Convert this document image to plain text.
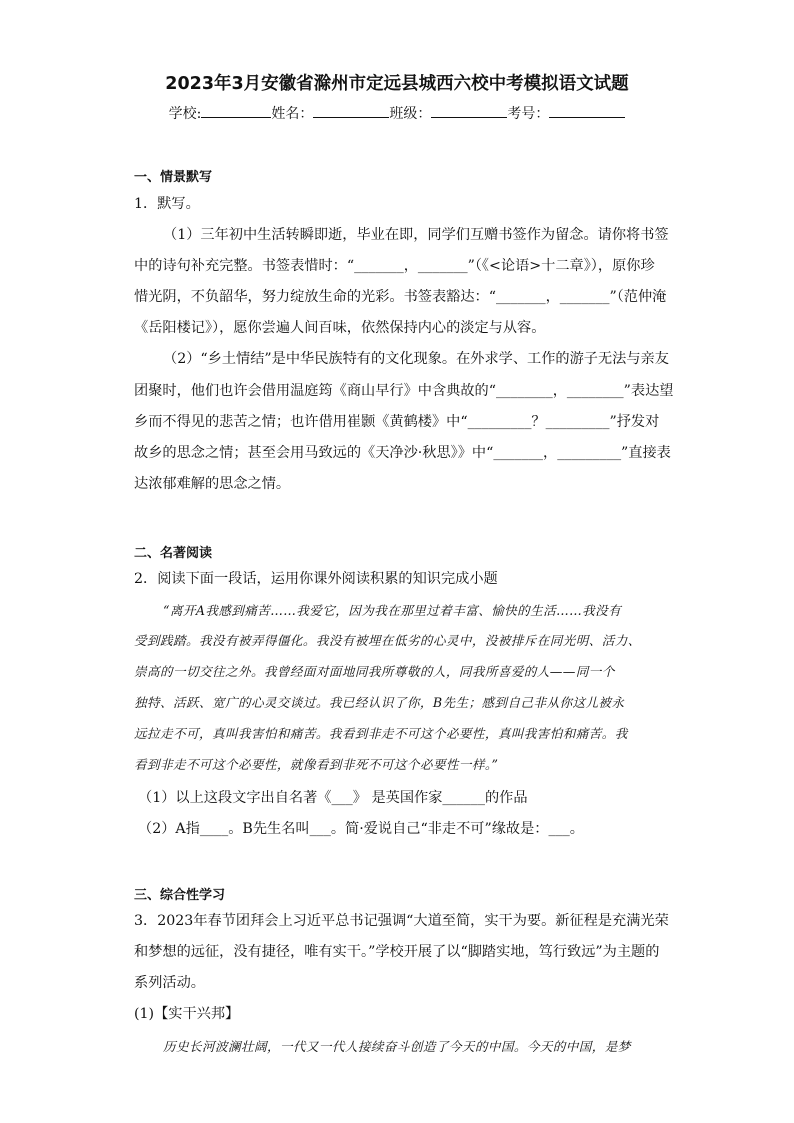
2023年3月安徽省滁州市定远县城西六校中考模拟语文试题
学校:	姓名：	班级：	考号：
一、情景默写
1．默写。
（1）三年初中生活转瞬即逝，毕业在即，同学们互赠书签作为留念。请你将书签
中的诗句补充完整。书签表惜时：“_______，_______”（《<论语>十二章》），原你珍
惜光阴，不负韶华，努力绽放生命的光彩。书签表豁达：“_______，_______”（范仲淹
《岳阳楼记》），愿你尝遍人间百味，依然保持内心的淡定与从容。
（2）“乡土情结”是中华民族特有的文化现象。在外求学、工作的游子无法与亲友
团聚时，他们也许会借用温庭筠《商山早行》中含典故的“________，________”表达望
乡而不得见的悲苦之情；也许借用崔颢《黄鹤楼》中“_________？_________”抒发对
故乡的思念之情；甚至会用马致远的《天净沙·秋思》》中“_______，_________”直接表
达浓郁难解的思念之情。
二、名著阅读
2．阅读下面一段话，运用你课外阅读积累的知识完成小题
“离开A我感到痛苦……我爱它，因为我在那里过着丰富、愉快的生活……我没有
受到践踏。我没有被弄得僵化。我没有被埋在低劣的心灵中，没被排斥在同光明、活力、
崇高的一切交往之外。我曾经面对面地同我所尊敬的人，同我所喜爱的人——同一个
独特、活跃、宽广的心灵交谈过。我已经认识了你，B先生；感到自己非从你这儿被永
远拉走不可，真叫我害怕和痛苦。我看到非走不可这个必要性，真叫我害怕和痛苦。我
看到非走不可这个必要性，就像看到非死不可这个必要性一样。”
（1）以上这段文字出自名著《___》 是英国作家______的作品
（2）A指____。B先生名叫___。简·爱说自己“非走不可”缘故是：___。
三、综合性学习
3．2023年春节团拜会上习近平总书记强调“大道至简，实干为要。新征程是充满光荣
和梦想的远征，没有捷径，唯有实干。”学校开展了以“脚踏实地，笃行致远”为主题的
系列活动。
(1)【实干兴邦】
历史长河波澜壮阔，一代又一代人接续奋斗创造了今天的中国。今天的中国，是梦
